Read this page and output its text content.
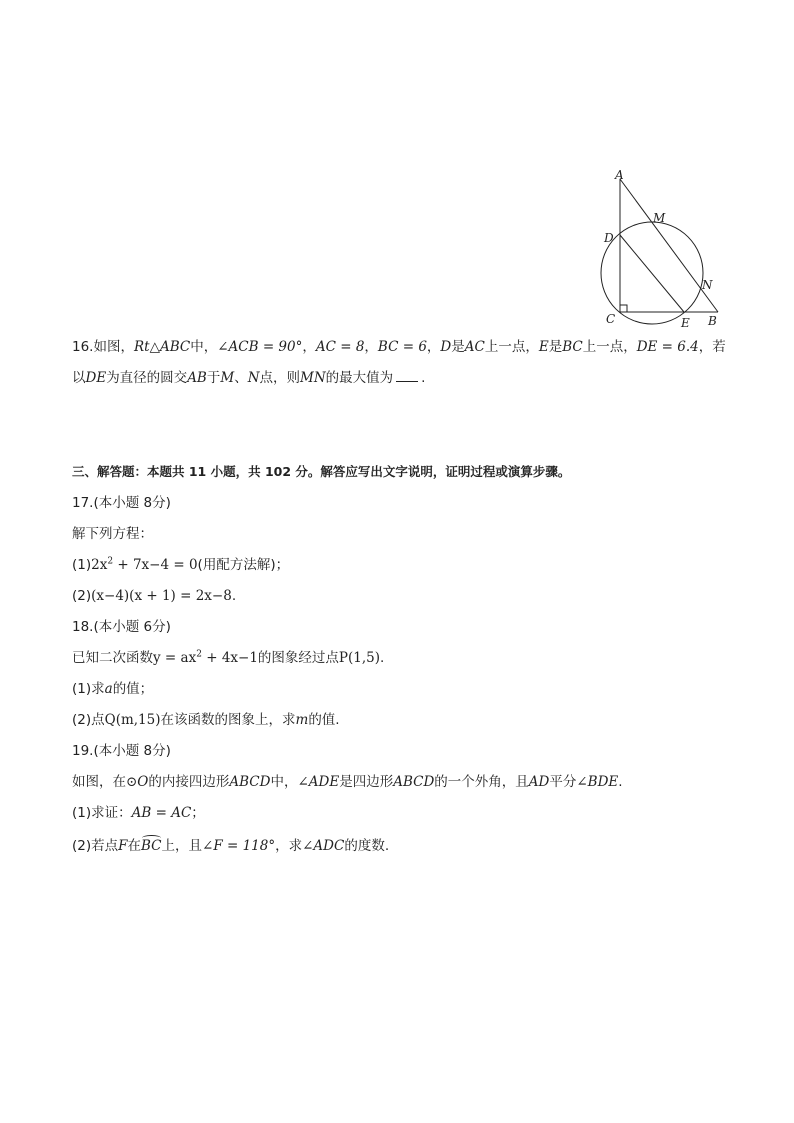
A
M
D
N
C	E B
16.如图，Rt△ABC中，∠ACB = 90°，AC = 8，BC = 6，D是AC上一点，E是BC上一点，DE = 6.4，若
以DE为直径的圆交AB于M、N点，则MN的最大值为 .
三、解答题：本题共 11 小题，共 102 分。解答应写出文字说明，证明过程或演算步骤。
17.(本小题 8分)
解下列方程：
$(1)2x^2 + 7x-4 = 0$(用配方法解)；
(2)(x−4)(x + 1) = 2x−8.
18.(本小题 6分)
已知二次函数$y = ax^2 + 4x-1$的图象经过点P(1,5).
(1)求a的值；
(2)点Q(m,15)在该函数的图象上，求m的值.
19.(本小题 8分)
如图，在⊙O的内接四边形ABCD中，∠ADE是四边形ABCD的一个外角，且AD平分∠BDE.
(1)求证：AB = AC；
(2)若点F在BC上，且∠F = 118°，求∠ADC的度数.
